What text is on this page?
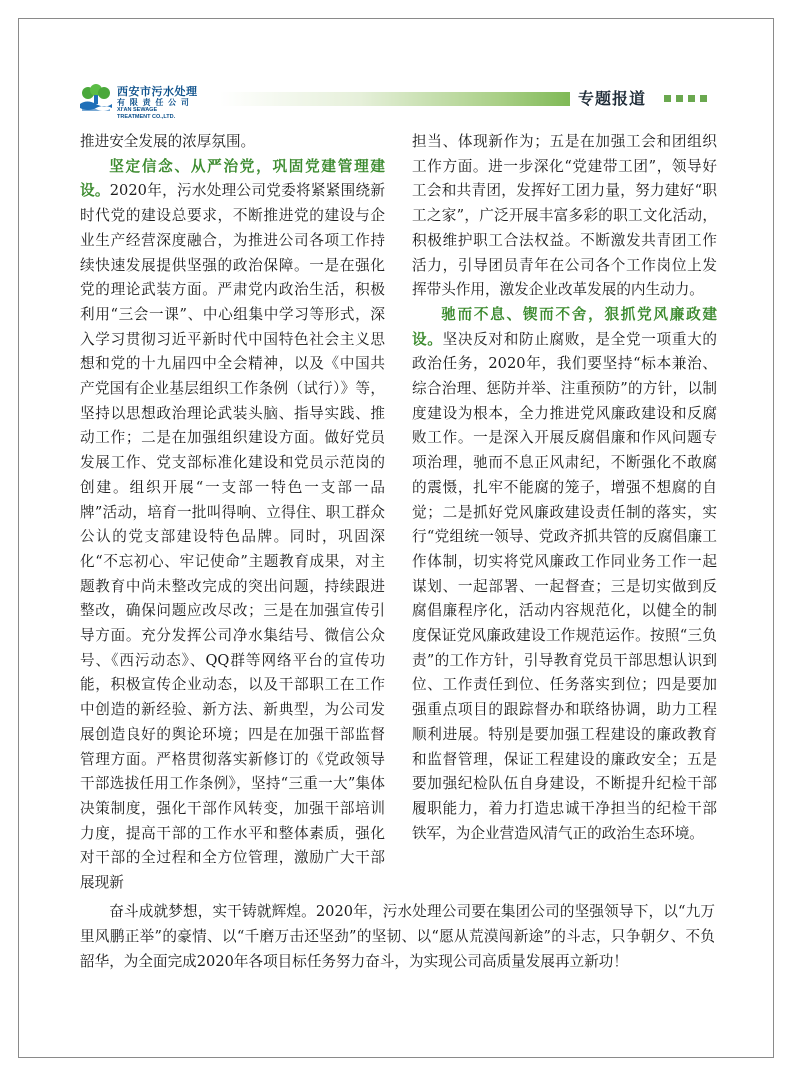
西安市污水处理
有 限 责 任 公 司
XI'AN SEWAGE
TREATMENT CO.,LTD.
专题报道

推进安全发展的浓厚氛围。

坚定信念、从严治党，巩固党建管理建设。2020年，污水处理公司党委将紧紧围绕新时代党的建设总要求，不断推进党的建设与企业生产经营深度融合，为推进公司各项工作持续快速发展提供坚强的政治保障。一是在强化党的理论武装方面。严肃党内政治生活，积极利用“三会一课”、中心组集中学习等形式，深入学习贯彻习近平新时代中国特色社会主义思想和党的十九届四中全会精神，以及《中国共产党国有企业基层组织工作条例（试行）》等，坚持以思想政治理论武装头脑、指导实践、推动工作；二是在加强组织建设方面。做好党员发展工作、党支部标准化建设和党员示范岗的创建。组织开展“一支部一特色一支部一品牌”活动，培育一批叫得响、立得住、职工群众公认的党支部建设特色品牌。同时，巩固深化“不忘初心、牢记使命”主题教育成果，对主题教育中尚未整改完成的突出问题，持续跟进整改，确保问题应改尽改；三是在加强宣传引导方面。充分发挥公司净水集结号、微信公众号、《西污动态》、QQ群等网络平台的宣传功能，积极宣传企业动态，以及干部职工在工作中创造的新经验、新方法、新典型，为公司发展创造良好的舆论环境；四是在加强干部监督管理方面。严格贯彻落实新修订的《党政领导干部选拔任用工作条例》，坚持“三重一大”集体决策制度，强化干部作风转变，加强干部培训力度，提高干部的工作水平和整体素质，强化对干部的全过程和全方位管理，激励广大干部展现新

担当、体现新作为；五是在加强工会和团组织工作方面。进一步深化“党建带工团”，领导好工会和共青团，发挥好工团力量，努力建好“职工之家”，广泛开展丰富多彩的职工文化活动，积极维护职工合法权益。不断激发共青团工作活力，引导团员青年在公司各个工作岗位上发挥带头作用，激发企业改革发展的内生动力。

驰而不息、锲而不舍，狠抓党风廉政建设。坚决反对和防止腐败，是全党一项重大的政治任务，2020年，我们要坚持“标本兼治、综合治理、惩防并举、注重预防”的方针，以制度建设为根本，全力推进党风廉政建设和反腐败工作。一是深入开展反腐倡廉和作风问题专项治理，驰而不息正风肃纪，不断强化不敢腐的震慑，扎牢不能腐的笼子，增强不想腐的自觉；二是抓好党风廉政建设责任制的落实，实行“党组统一领导、党政齐抓共管的反腐倡廉工作体制，切实将党风廉政工作同业务工作一起谋划、一起部署、一起督查；三是切实做到反腐倡廉程序化，活动内容规范化，以健全的制度保证党风廉政建设工作规范运作。按照“三负责”的工作方针，引导教育党员干部思想认识到位、工作责任到位、任务落实到位；四是要加强重点项目的跟踪督办和联络协调，助力工程顺利进展。特别是要加强工程建设的廉政教育和监督管理，保证工程建设的廉政安全；五是要加强纪检队伍自身建设，不断提升纪检干部履职能力，着力打造忠诚干净担当的纪检干部铁军，为企业营造风清气正的政治生态环境。

奋斗成就梦想，实干铸就辉煌。2020年，污水处理公司要在集团公司的坚强领导下，以“九万里风鹏正举”的豪情、以“千磨万击还坚劲”的坚韧、以“愿从荒漠闯新途”的斗志，只争朝夕、不负韶华，为全面完成2020年各项目标任务努力奋斗，为实现公司高质量发展再立新功！
